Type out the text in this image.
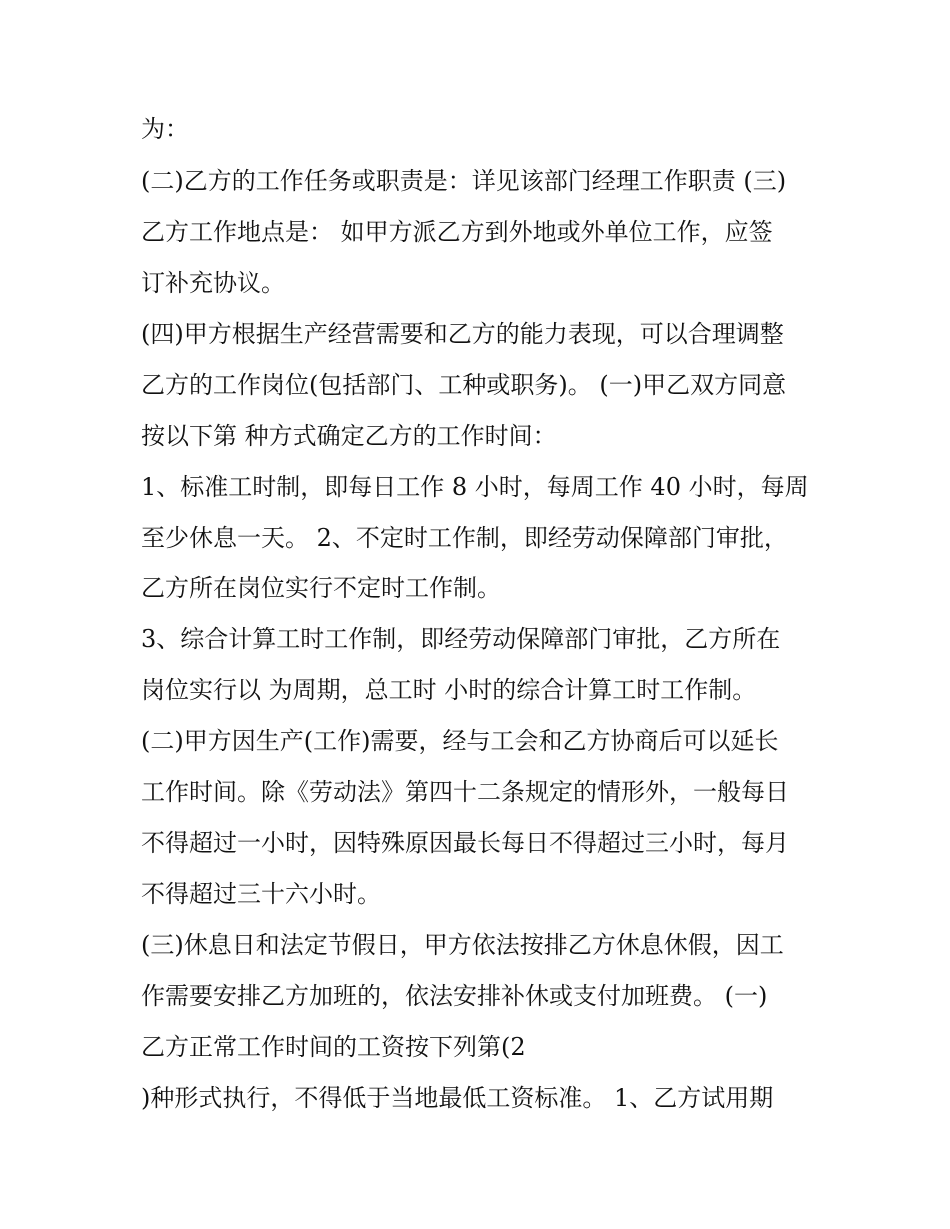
为：
(二)乙方的工作任务或职责是：详见该部门经理工作职责 (三)
乙方工作地点是： 如甲方派乙方到外地或外单位工作，应签
订补充协议。
(四)甲方根据生产经营需要和乙方的能力表现，可以合理调整
乙方的工作岗位(包括部门、工种或职务)。 (一)甲乙双方同意
按以下第 种方式确定乙方的工作时间：
1、标准工时制，即每日工作 8 小时，每周工作 40 小时，每周
至少休息一天。 2、不定时工作制，即经劳动保障部门审批，
乙方所在岗位实行不定时工作制。
3、综合计算工时工作制，即经劳动保障部门审批，乙方所在
岗位实行以 为周期，总工时 小时的综合计算工时工作制。
(二)甲方因生产(工作)需要，经与工会和乙方协商后可以延长
工作时间。除《劳动法》第四十二条规定的情形外，一般每日
不得超过一小时，因特殊原因最长每日不得超过三小时，每月
不得超过三十六小时。
(三)休息日和法定节假日，甲方依法按排乙方休息休假，因工
作需要安排乙方加班的，依法安排补休或支付加班费。 (一)
乙方正常工作时间的工资按下列第(2
)种形式执行，不得低于当地最低工资标准。 1、乙方试用期
